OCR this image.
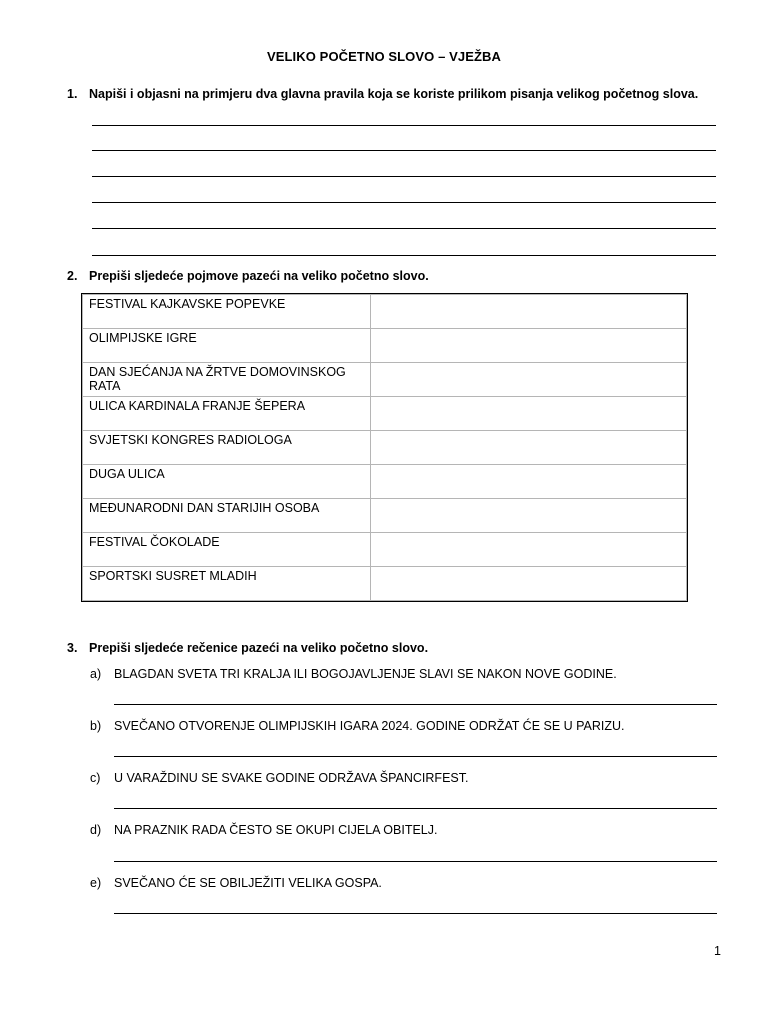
VELIKO POČETNO SLOVO – VJEŽBA
1. Napiši i objasni na primjeru dva glavna pravila koja se koriste prilikom pisanja velikog početnog slova.
2. Prepiši sljedeće pojmove pazeći na veliko početno slovo.
FESTIVAL KAJKAVSKE POPEVKE	
OLIMPIJSKE IGRE	
DAN SJEĆANJA NA ŽRTVE DOMOVINSKOG RATA	
ULICA KARDINALA FRANJE ŠEPERA	
SVJETSKI KONGRES RADIOLOGA	
DUGA ULICA	
MEĐUNARODNI DAN STARIJIH OSOBA	
FESTIVAL ČOKOLADE	
SPORTSKI SUSRET MLADIH	
3. Prepiši sljedeće rečenice pazeći na veliko početno slovo.
a) BLAGDAN SVETA TRI KRALJA ILI BOGOJAVLJENJE SLAVI SE NAKON NOVE GODINE.
b) SVEČANO OTVORENJE OLIMPIJSKIH IGARA 2024. GODINE ODRŽAT ĆE SE U PARIZU.
c) U VARAŽDINU SE SVAKE GODINE ODRŽAVA ŠPANCIRFEST.
d) NA PRAZNIK RADA ČESTO SE OKUPI CIJELA OBITELJ.
e) SVEČANO ĆE SE OBILJEŽITI VELIKA GOSPA.
1
